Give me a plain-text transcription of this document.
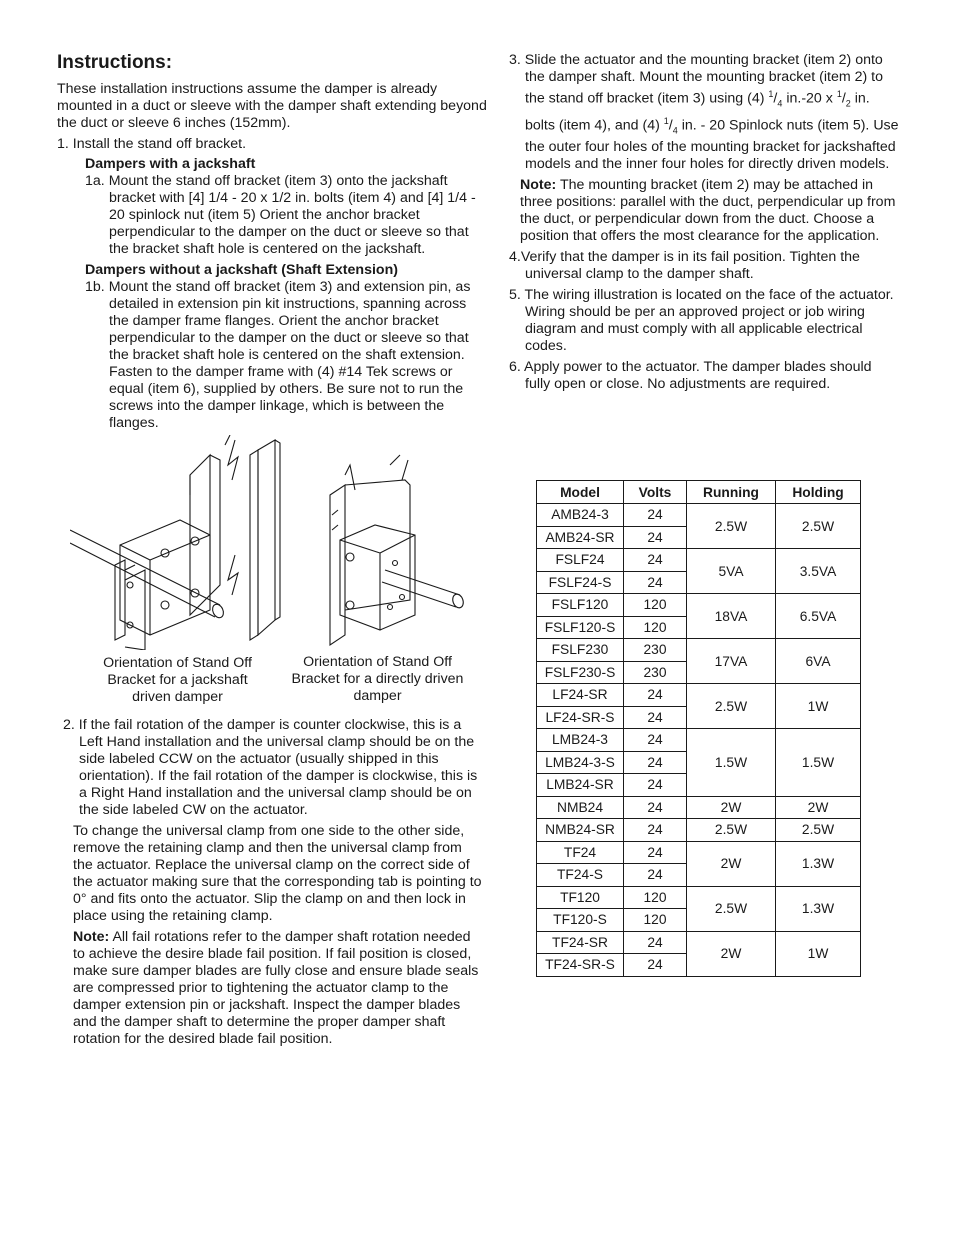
Instructions:

These installation instructions assume the damper is already mounted in a duct or sleeve with the damper shaft extending beyond the duct or sleeve 6 inches (152mm).

1. Install the stand off bracket.

Dampers with a jackshaft

1a. Mount the stand off bracket (item 3) onto the jackshaft bracket with [4] 1/4 - 20 x 1/2 in. bolts (item 4) and [4] 1/4 - 20 spinlock nut (item 5) Orient the anchor bracket perpendicular to the damper on the duct or sleeve so that the bracket shaft hole is centered on the jackshaft.

Dampers without a jackshaft (Shaft Extension)

1b. Mount the stand off bracket (item 3) and extension pin, as detailed in extension pin kit instructions, spanning across the damper frame flanges. Orient the anchor bracket perpendicular to the damper on the duct or sleeve so that the bracket shaft hole is centered on the shaft extension. Fasten to the damper frame with (4) #14 Tek screws or equal (item 6), supplied by others. Be sure not to run the screws into the damper linkage, which is between the flanges.

Orientation of Stand Off Bracket for a jackshaft driven damper
Orientation of Stand Off Bracket for a directly driven damper

2. If the fail rotation of the damper is counter clockwise, this is a Left Hand installation and the universal clamp should be on the side labeled CCW on the actuator (usually shipped in this orientation). If the fail rotation of the damper is clockwise, this is a Right Hand installation and the universal clamp should be on the side labeled CW on the actuator.

To change the universal clamp from one side to the other side, remove the retaining clamp and then the universal clamp from the actuator. Replace the universal clamp on the correct side of the actuator making sure that the corresponding tab is pointing to 0° and fits onto the actuator. Slip the clamp on and then lock in place using the retaining clamp.

Note: All fail rotations refer to the damper shaft rotation needed to achieve the desire blade fail position. If fail position is closed, make sure damper blades are fully close and ensure blade seals are compressed prior to tightening the actuator clamp to the damper extension pin or jackshaft. Inspect the damper blades and the damper shaft to determine the proper damper shaft rotation for the desired blade fail position.

3. Slide the actuator and the mounting bracket (item 2) onto the damper shaft. Mount the mounting bracket (item 2) to the stand off bracket (item 3) using (4) $^1/_4$ in.-20 x $^1/_2$ in. bolts (item 4), and (4) $^1/_4$ in. - 20 Spinlock nuts (item 5). Use the outer four holes of the mounting bracket for jackshafted models and the inner four holes for directly driven models.

Note: The mounting bracket (item 2) may be attached in three positions: parallel with the duct, perpendicular up from the duct, or perpendicular down from the duct. Choose a position that offers the most clearance for the application.

4.Verify that the damper is in its fail position. Tighten the universal clamp to the damper shaft.

5. The wiring illustration is located on the face of the actuator. Wiring should be per an approved project or job wiring diagram and must comply with all applicable electrical codes.

6. Apply power to the actuator. The damper blades should fully open or close. No adjustments are required.

Model	Volts	Running	Holding
AMB24-3	24	2.5W	2.5W
AMB24-SR	24		
FSLF24	24	5VA	3.5VA
FSLF24-S	24		
FSLF120	120	18VA	6.5VA
FSLF120-S	120		
FSLF230	230	17VA	6VA
FSLF230-S	230		
LF24-SR	24	2.5W	1W
LF24-SR-S	24		
LMB24-3	24	1.5W	1.5W
LMB24-3-S	24		
LMB24-SR	24		
NMB24	24	2W	2W
NMB24-SR	24	2.5W	2.5W
TF24	24	2W	1.3W
TF24-S	24		
TF120	120	2.5W	1.3W
TF120-S	120		
TF24-SR	24	2W	1W
TF24-SR-S	24		
